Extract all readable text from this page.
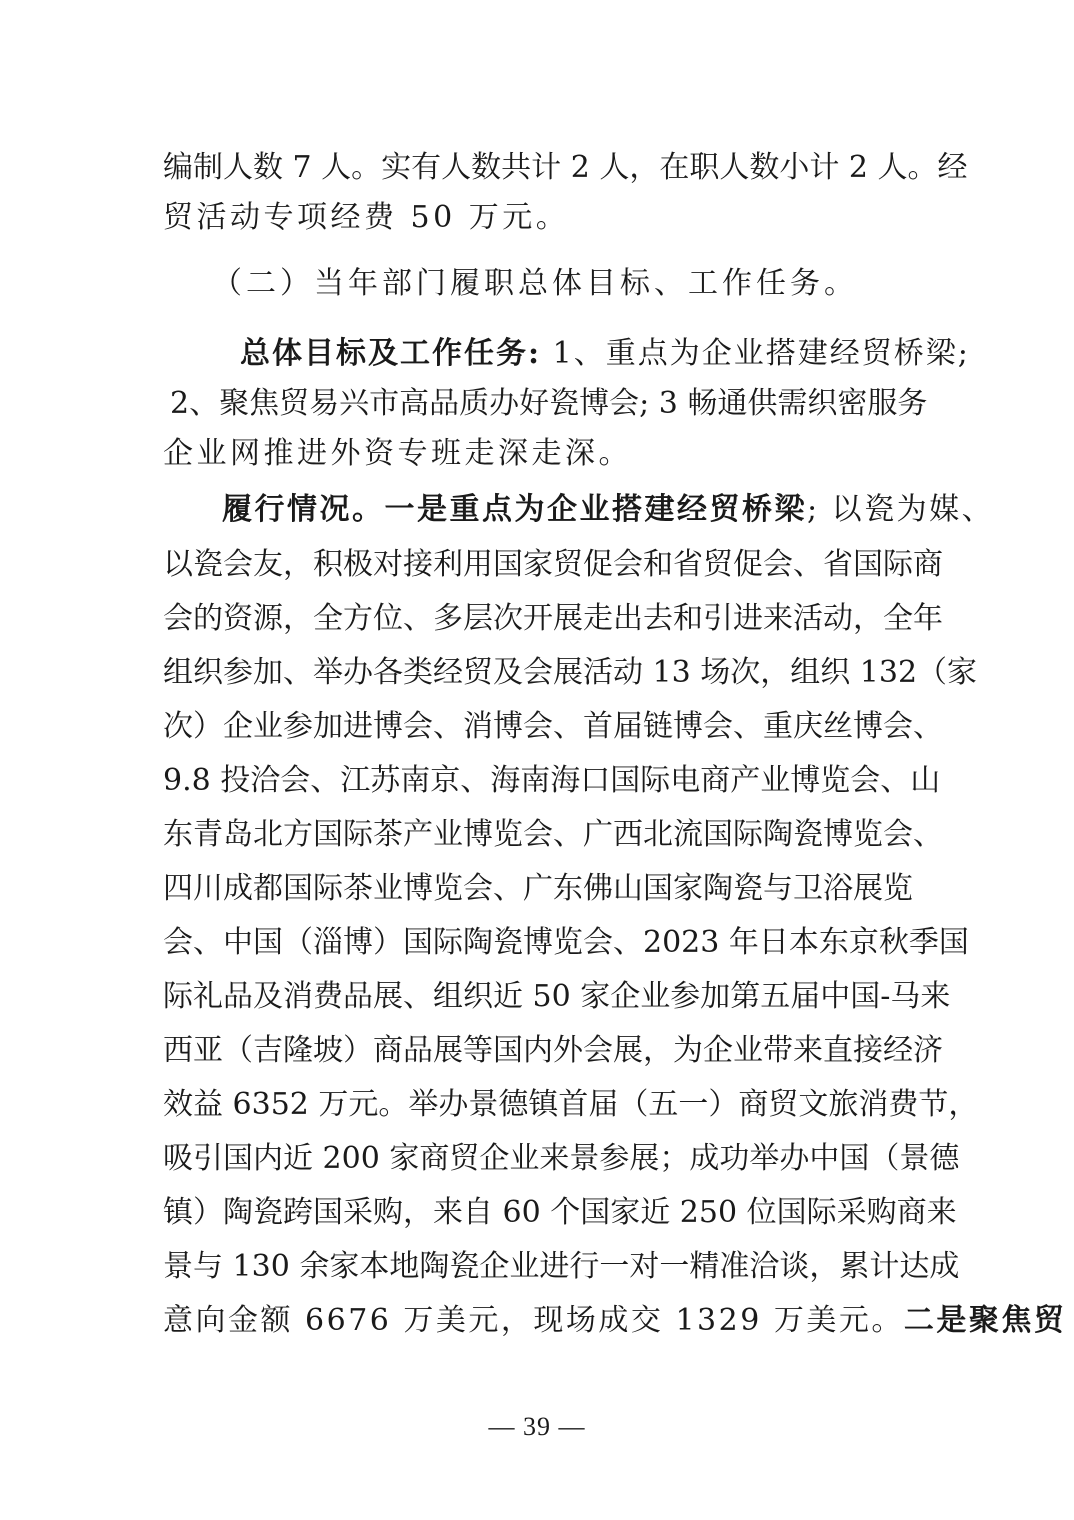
编制人数 7 人。实有人数共计 2 人，在职人数小计 2 人。经
贸活动专项经费 50 万元。
（二）当年部门履职总体目标、工作任务。
总体目标及工作任务: 1、重点为企业搭建经贸桥梁;
2、聚焦贸易兴市高品质办好瓷博会; 3 畅通供需织密服务
企业网推进外资专班走深走深。
履行情况。一是重点为企业搭建经贸桥梁; 以瓷为媒、
以瓷会友，积极对接利用国家贸促会和省贸促会、省国际商
会的资源，全方位、多层次开展走出去和引进来活动，全年
组织参加、举办各类经贸及会展活动 13 场次，组织 132（家
次）企业参加进博会、消博会、首届链博会、重庆丝博会、
9.8 投洽会、江苏南京、海南海口国际电商产业博览会、山
东青岛北方国际茶产业博览会、广西北流国际陶瓷博览会、
四川成都国际茶业博览会、广东佛山国家陶瓷与卫浴展览
会、中国（淄博）国际陶瓷博览会、2023 年日本东京秋季国
际礼品及消费品展、组织近 50 家企业参加第五届中国-马来
西亚（吉隆坡）商品展等国内外会展，为企业带来直接经济
效益 6352 万元。举办景德镇首届（五一）商贸文旅消费节，
吸引国内近 200 家商贸企业来景参展；成功举办中国（景德
镇）陶瓷跨国采购，来自 60 个国家近 250 位国际采购商来
景与 130 余家本地陶瓷企业进行一对一精准洽谈，累计达成
意向金额 6676 万美元，现场成交 1329 万美元。二是聚焦贸
— 39 —
